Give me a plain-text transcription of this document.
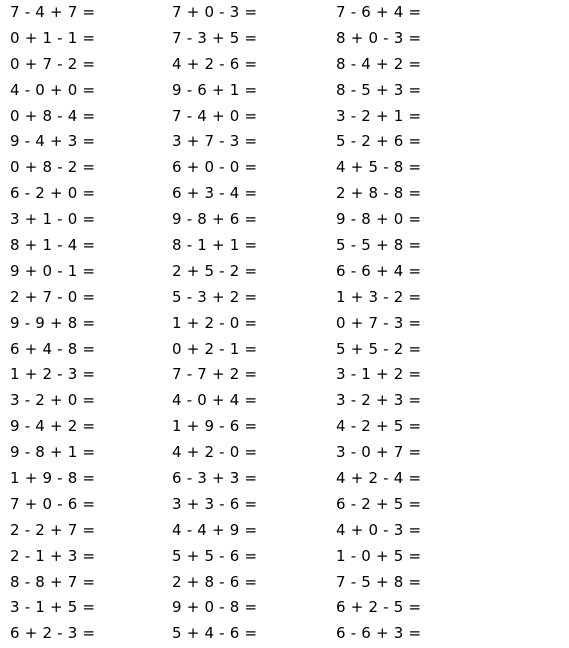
7 - 4 + 7 =
0 + 1 - 1 =
0 + 7 - 2 =
4 - 0 + 0 =
0 + 8 - 4 =
9 - 4 + 3 =
0 + 8 - 2 =
6 - 2 + 0 =
3 + 1 - 0 =
8 + 1 - 4 =
9 + 0 - 1 =
2 + 7 - 0 =
9 - 9 + 8 =
6 + 4 - 8 =
1 + 2 - 3 =
3 - 2 + 0 =
9 - 4 + 2 =
9 - 8 + 1 =
1 + 9 - 8 =
7 + 0 - 6 =
2 - 2 + 7 =
2 - 1 + 3 =
8 - 8 + 7 =
3 - 1 + 5 =
6 + 2 - 3 =
7 + 0 - 3 =
7 - 3 + 5 =
4 + 2 - 6 =
9 - 6 + 1 =
7 - 4 + 0 =
3 + 7 - 3 =
6 + 0 - 0 =
6 + 3 - 4 =
9 - 8 + 6 =
8 - 1 + 1 =
2 + 5 - 2 =
5 - 3 + 2 =
1 + 2 - 0 =
0 + 2 - 1 =
7 - 7 + 2 =
4 - 0 + 4 =
1 + 9 - 6 =
4 + 2 - 0 =
6 - 3 + 3 =
3 + 3 - 6 =
4 - 4 + 9 =
5 + 5 - 6 =
2 + 8 - 6 =
9 + 0 - 8 =
5 + 4 - 6 =
7 - 6 + 4 =
8 + 0 - 3 =
8 - 4 + 2 =
8 - 5 + 3 =
3 - 2 + 1 =
5 - 2 + 6 =
4 + 5 - 8 =
2 + 8 - 8 =
9 - 8 + 0 =
5 - 5 + 8 =
6 - 6 + 4 =
1 + 3 - 2 =
0 + 7 - 3 =
5 + 5 - 2 =
3 - 1 + 2 =
3 - 2 + 3 =
4 - 2 + 5 =
3 - 0 + 7 =
4 + 2 - 4 =
6 - 2 + 5 =
4 + 0 - 3 =
1 - 0 + 5 =
7 - 5 + 8 =
6 + 2 - 5 =
6 - 6 + 3 =
